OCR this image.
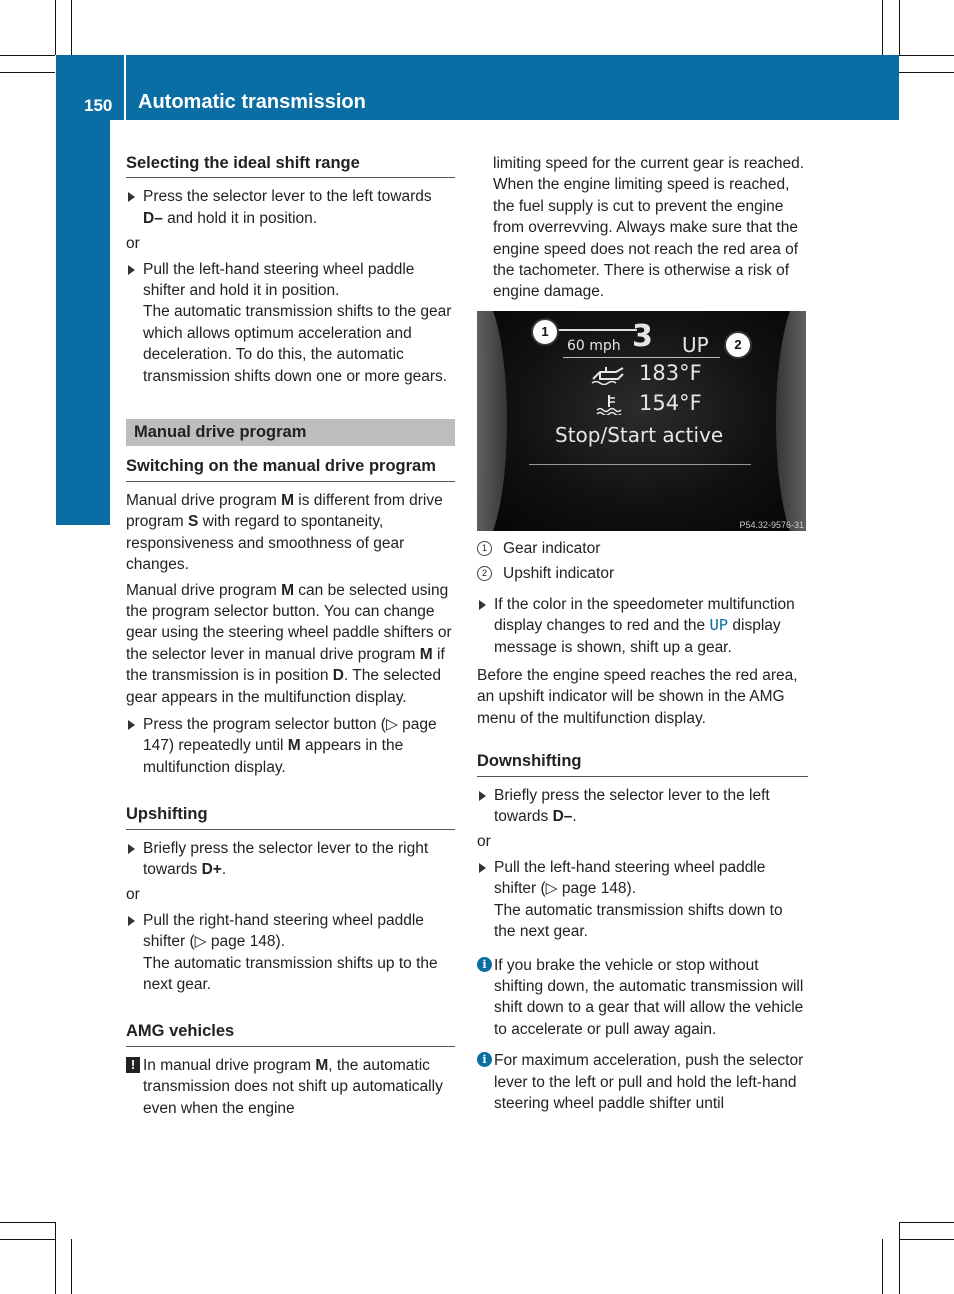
150 Automatic transmission
Driving and parking

Selecting the ideal shift range

Press the selector lever to the left towards D– and hold it in position.

or

Pull the left-hand steering wheel paddle shifter and hold it in position.

The automatic transmission shifts to the gear which allows optimum acceleration and deceleration. To do this, the automatic transmission shifts down one or more gears.

Manual drive program

Switching on the manual drive program

Manual drive program M is different from drive program S with regard to spontaneity, responsiveness and smoothness of gear changes.

Manual drive program M can be selected using the program selector button. You can change gear using the steering wheel paddle shifters or the selector lever in manual drive program M if the transmission is in position D. The selected gear appears in the multifunction display.

Press the program selector button (▷ page 147) repeatedly until M appears in the multifunction display.

Upshifting

Briefly press the selector lever to the right towards D+.

or

Pull the right-hand steering wheel paddle shifter (▷ page 148).

The automatic transmission shifts up to the next gear.

AMG vehicles

! In manual drive program M, the automatic transmission does not shift up automatically even when the engine

limiting speed for the current gear is reached. When the engine limiting speed is reached, the fuel supply is cut to prevent the engine from overrevving. Always make sure that the engine speed does not reach the red area of the tachometer. There is otherwise a risk of engine damage.

60 mph 3 UP
183°F
154°F
Stop/Start active
1
2
P54.32-9576-31

1	Gear indicator

2	Upshift indicator

If the color in the speedometer multifunction display changes to red and the UP display message is shown, shift up a gear.

Before the engine speed reaches the red area, an upshift indicator will be shown in the AMG menu of the multifunction display.

Downshifting

Briefly press the selector lever to the left towards D–.

or

Pull the left-hand steering wheel paddle shifter (▷ page 148).

The automatic transmission shifts down to the next gear.

i If you brake the vehicle or stop without shifting down, the automatic transmission will shift down to a gear that will allow the vehicle to accelerate or pull away again.

i For maximum acceleration, push the selector lever to the left or pull and hold the left-hand steering wheel paddle shifter until
